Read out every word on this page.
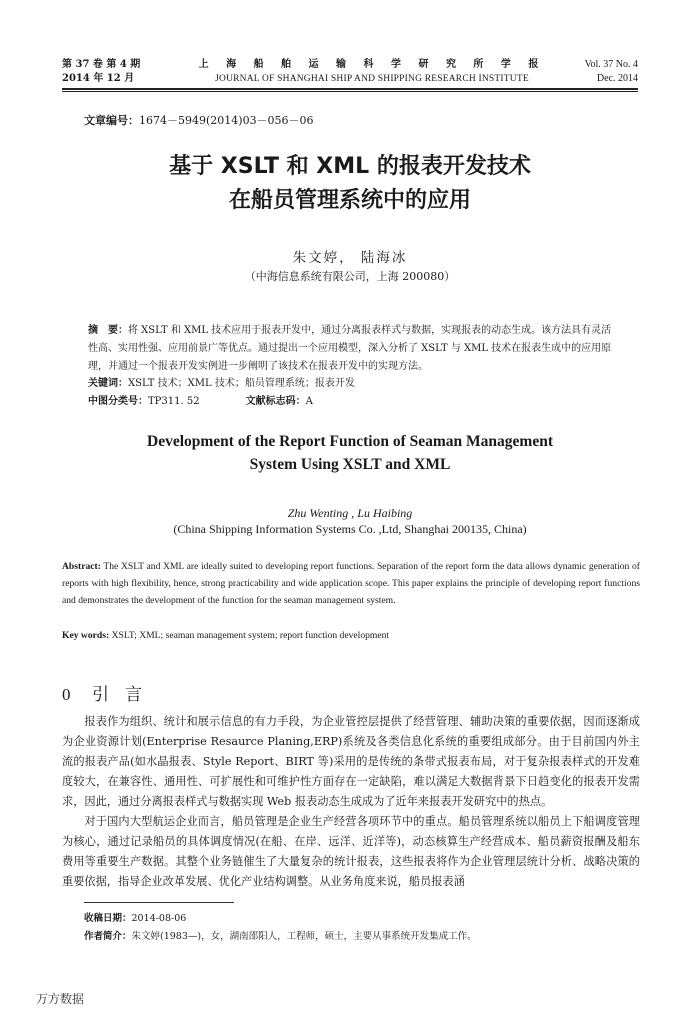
第 37 卷 第 4 期
2014 年 12 月
上 海 船 舶 运 输 科 学 研 究 所 学 报
JOURNAL OF SHANGHAI SHIP AND SHIPPING RESEARCH INSTITUTE
Vol. 37 No. 4
Dec. 2014
文章编号：1674－5949(2014)03－056－06
基于 XSLT 和 XML 的报表开发技术
在船员管理系统中的应用
朱文婷， 陆海冰
（中海信息系统有限公司，上海 200080）
摘　要：将 XSLT 和 XML 技术应用于报表开发中，通过分离报表样式与数据，实现报表的动态生成。该方法具有灵活性高、实用性强、应用前景广等优点。通过提出一个应用模型，深入分析了 XSLT 与 XML 技术在报表生成中的应用原理，并通过一个报表开发实例进一步阐明了该技术在报表开发中的实现方法。
关键词：XSLT 技术；XML 技术；船员管理系统；报表开发
中图分类号：TP311. 52	文献标志码：A
Development of the Report Function of Seaman Management
System Using XSLT and XML
Zhu Wenting , Lu Haibing
(China Shipping Information Systems Co. ,Ltd, Shanghai 200135, China)
Abstract: The XSLT and XML are ideally suited to developing report functions. Separation of the report form the data allows dynamic generation of reports with high flexibility, hence, strong practicability and wide application scope. This paper explains the principle of developing report functions and demonstrates the development of the function for the seaman management system.
Key words: XSLT; XML; seaman management system; report function development
0 引言

报表作为组织、统计和展示信息的有力手段，为企业管控层提供了经营管理、辅助决策的重要依据，因而逐渐成为企业资源计划(Enterprise Resaurce Planing,ERP)系统及各类信息化系统的重要组成部分。由于目前国内外主流的报表产品(如水晶报表、Style Report、BIRT 等)采用的是传统的条带式报表布局，对于复杂报表样式的开发难度较大，在兼容性、通用性、可扩展性和可维护性方面存在一定缺陷，难以满足大数据背景下日趋变化的报表开发需求，因此，通过分离报表样式与数据实现 Web 报表动态生成成为了近年来报表开发研究中的热点。

对于国内大型航运企业而言，船员管理是企业生产经营各项环节中的重点。船员管理系统以船员上下船调度管理为核心，通过记录船员的具体调度情况(在船、在岸、远洋、近洋等)，动态核算生产经营成本、船员薪资报酬及船东费用等重要生产数据。其整个业务链催生了大量复杂的统计报表，这些报表将作为企业管理层统计分析、战略决策的重要依据，指导企业改革发展、优化产业结构调整。从业务角度来说，船员报表涵

收稿日期：2014-08-06
作者简介：朱文婷(1983—)，女，湖南邵阳人，工程师，硕士，主要从事系统开发集成工作。
万方数据
